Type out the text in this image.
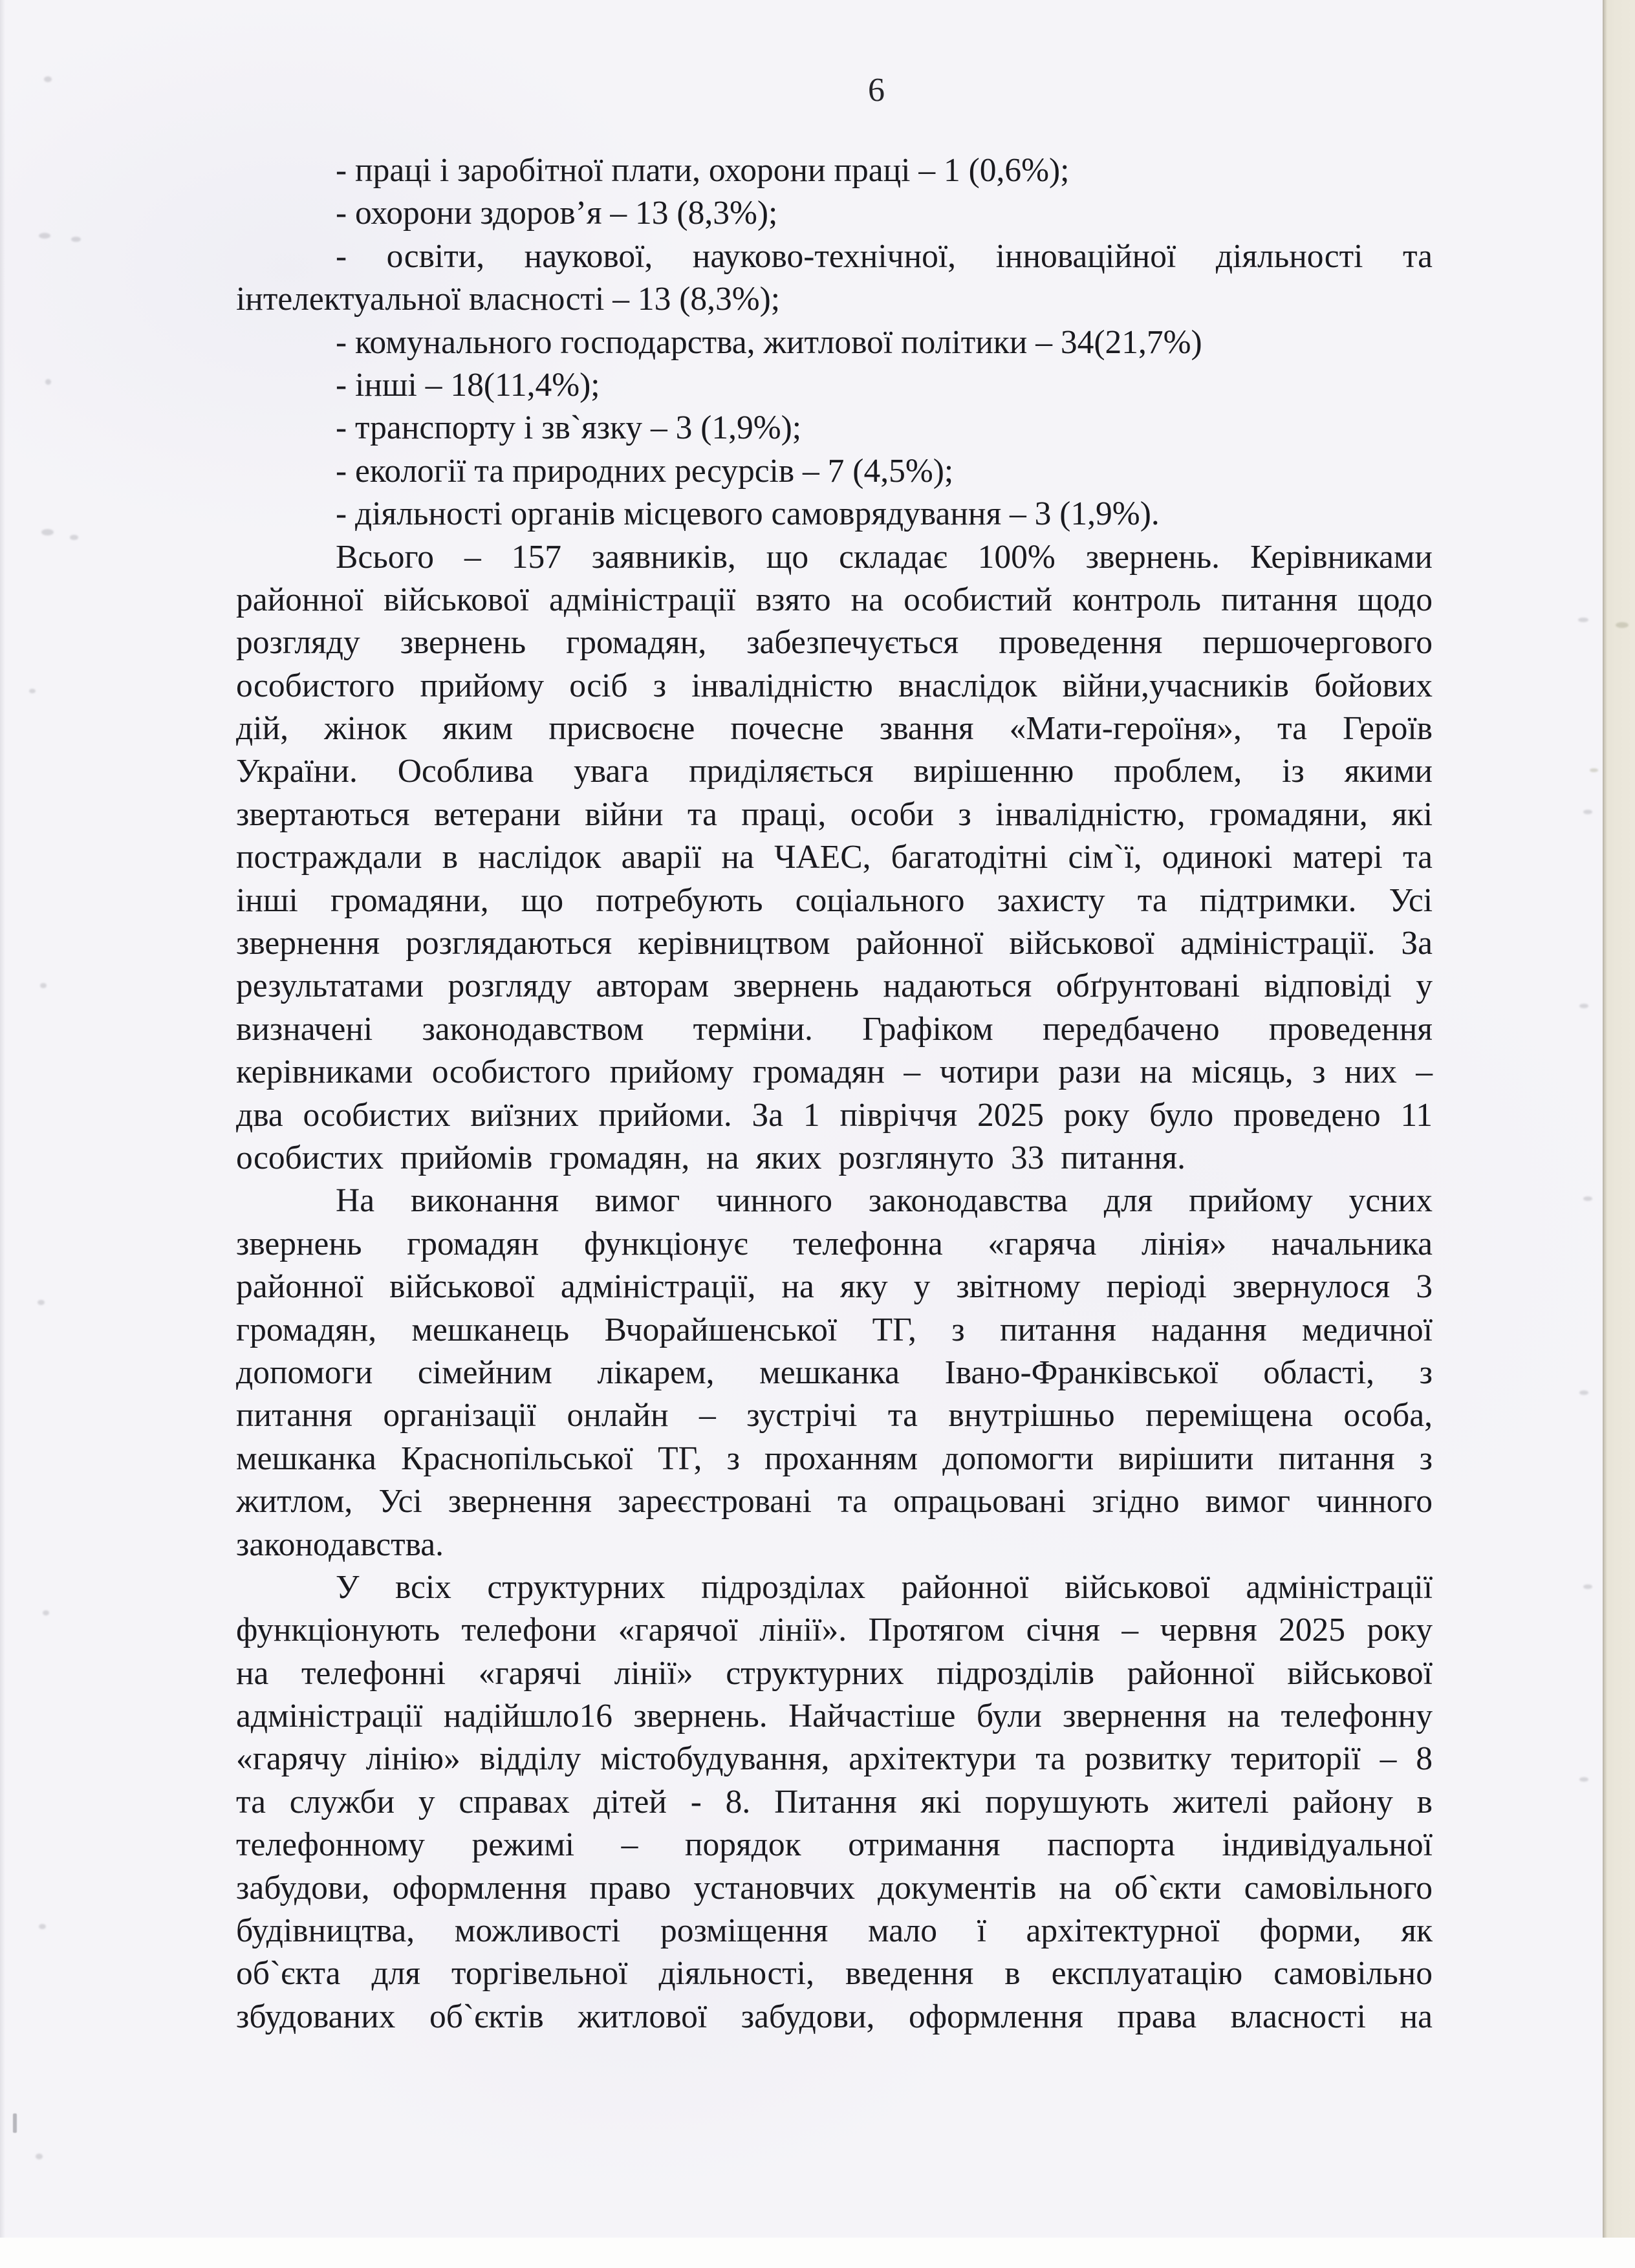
6
- праці і заробітної плати, охорони праці – 1 (0,6%);
- охорони здоров’я – 13 (8,3%);
- освіти, наукової, науково-технічної, інноваційної діяльності та
інтелектуальної власності – 13 (8,3%);
- комунального господарства, житлової політики – 34(21,7%)
- інші – 18(11,4%);
- транспорту і зв`язку – 3 (1,9%);
- екології та природних ресурсів – 7 (4,5%);
- діяльності органів місцевого самоврядування – 3 (1,9%).
Всього – 157 заявників, що складає 100% звернень. Керівниками
районної військової адміністрації взято на особистий контроль питання щодо
розгляду звернень громадян, забезпечується проведення першочергового
особистого прийому осіб з інвалідністю внаслідок війни,учасників бойових
дій, жінок яким присвоєне почесне звання «Мати-героїня», та Героїв
України. Особлива увага приділяється вирішенню проблем, із якими
звертаються ветерани війни та праці, особи з інвалідністю, громадяни, які
постраждали в наслідок аварії на ЧАЕС, багатодітні сім`ї, одинокі матері та
інші громадяни, що потребують соціального захисту та підтримки. Усі
звернення розглядаються керівництвом районної військової адміністрації. За
результатами розгляду авторам звернень надаються обґрунтовані відповіді у
визначені законодавством терміни. Графіком передбачено проведення
керівниками особистого прийому громадян – чотири рази на місяць, з них –
два особистих виїзних прийоми. За 1 півріччя 2025 року було проведено 11
особистих прийомів громадян, на яких розглянуто 33 питання.
На виконання вимог чинного законодавства для прийому усних
звернень громадян функціонує телефонна «гаряча лінія» начальника
районної військової адміністрації, на яку у звітному періоді звернулося 3
громадян, мешканець Вчорайшенської ТГ, з питання надання медичної
допомоги сімейним лікарем, мешканка Івано-Франківської області, з
питання організації онлайн – зустрічі та внутрішньо переміщена особа,
мешканка Краснопільської ТГ, з проханням допомогти вирішити питання з
житлом, Усі звернення зареєстровані та опрацьовані згідно вимог чинного
законодавства.
У всіх структурних підрозділах районної військової адміністрації
функціонують телефони «гарячої лінії». Протягом січня – червня 2025 року
на телефонні «гарячі лінії» структурних підрозділів районної військової
адміністрації надійшло16 звернень. Найчастіше були звернення на телефонну
«гарячу лінію» відділу містобудування, архітектури та розвитку території – 8
та служби у справах дітей - 8. Питання які порушують жителі району в
телефонному режимі – порядок отримання паспорта індивідуальної
забудови, оформлення право установчих документів на об`єкти самовільного
будівництва, можливості розміщення мало ї архітектурної форми, як
об`єкта для торгівельної діяльності, введення в експлуатацію самовільно
збудованих об`єктів житлової забудови, оформлення права власності на
